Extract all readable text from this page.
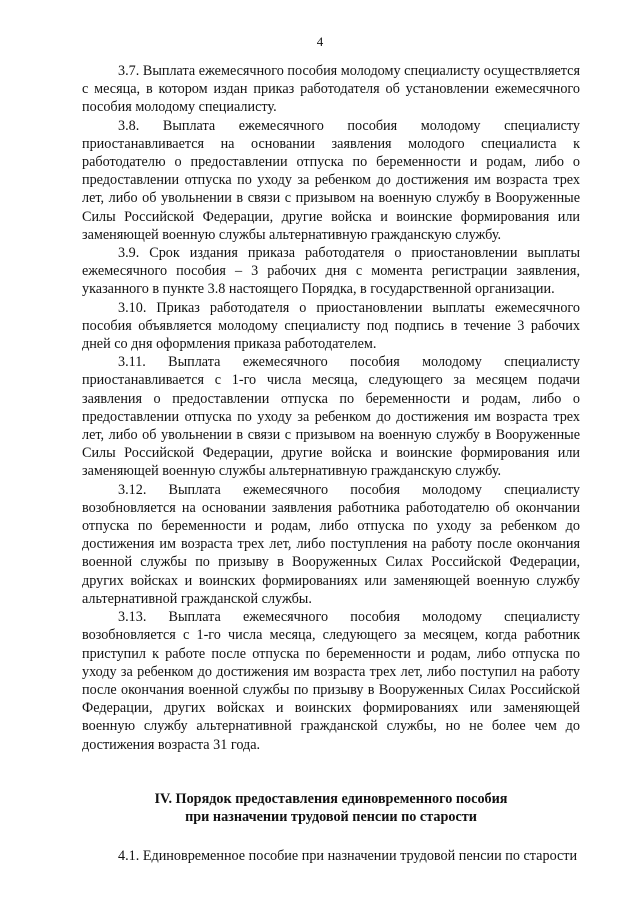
4

3.7. Выплата ежемесячного пособия молодому специалисту осуществляется с месяца, в котором издан приказ работодателя об установлении ежемесячного пособия молодому специалисту.

3.8. Выплата ежемесячного пособия молодому специалисту приостанавливается на основании заявления молодого специалиста к работодателю о предоставлении отпуска по беременности и родам, либо о предоставлении отпуска по уходу за ребенком до достижения им возраста трех лет, либо об увольнении в связи с призывом на военную службу в Вооруженные Силы Российской Федерации, другие войска и воинские формирования или заменяющей военную службы альтернативную гражданскую службу.

3.9. Срок издания приказа работодателя о приостановлении выплаты ежемесячного пособия – 3 рабочих дня с момента регистрации заявления, указанного в пункте 3.8 настоящего Порядка, в государственной организации.

3.10. Приказ работодателя о приостановлении выплаты ежемесячного пособия объявляется молодому специалисту под подпись в течение 3 рабочих дней со дня оформления приказа работодателем.

3.11. Выплата ежемесячного пособия молодому специалисту приостанавливается с 1-го числа месяца, следующего за месяцем подачи заявления о предоставлении отпуска по беременности и родам, либо о предоставлении отпуска по уходу за ребенком до достижения им возраста трех лет, либо об увольнении в связи с призывом на военную службу в Вооруженные Силы Российской Федерации, другие войска и воинские формирования или заменяющей военную службы альтернативную гражданскую службу.

3.12. Выплата ежемесячного пособия молодому специалисту возобновляется на основании заявления работника работодателю об окончании отпуска по беременности и родам, либо отпуска по уходу за ребенком до достижения им возраста трех лет, либо поступления на работу после окончания военной службы по призыву в Вооруженных Силах Российской Федерации, других войсках и воинских формированиях или заменяющей военную службу альтернативной гражданской службы.

3.13. Выплата ежемесячного пособия молодому специалисту возобновляется с 1-го числа месяца, следующего за месяцем, когда работник приступил к работе после отпуска по беременности и родам, либо отпуска по уходу за ребенком до достижения им возраста трех лет, либо поступил на работу после окончания военной службы по призыву в Вооруженных Силах Российской Федерации, других войсках и воинских формированиях или заменяющей военную службу альтернативной гражданской службы, но не более чем до достижения возраста 31 года.

IV. Порядок предоставления единовременного пособия
при назначении трудовой пенсии по старости

4.1. Единовременное пособие при назначении трудовой пенсии по старости
